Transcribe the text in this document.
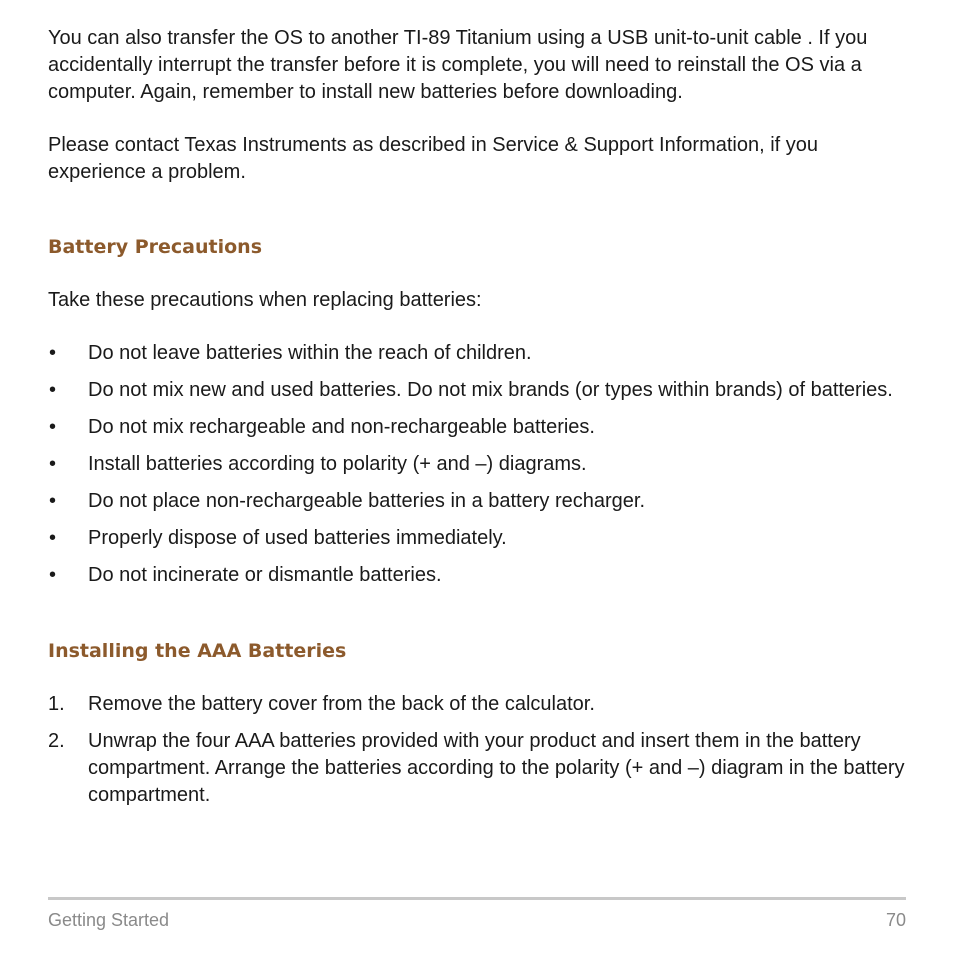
You can also transfer the OS to another TI-89 Titanium using a USB unit-to-unit cable . If you accidentally interrupt the transfer before it is complete, you will need to reinstall the OS via a computer. Again, remember to install new batteries before downloading.

Please contact Texas Instruments as described in Service & Support Information, if you experience a problem.

Battery Precautions

Take these precautions when replacing batteries:

•	Do not leave batteries within the reach of children.
•	Do not mix new and used batteries. Do not mix brands (or types within brands) of batteries.
•	Do not mix rechargeable and non-rechargeable batteries.
•	Install batteries according to polarity (+ and –) diagrams.
•	Do not place non-rechargeable batteries in a battery recharger.
•	Properly dispose of used batteries immediately.
•	Do not incinerate or dismantle batteries.
Installing the AAA Batteries
1.	Remove the battery cover from the back of the calculator.
2.	Unwrap the four AAA batteries provided with your product and insert them in the battery compartment. Arrange the batteries according to the polarity (+ and –) diagram in the battery compartment.
Getting Started	70
